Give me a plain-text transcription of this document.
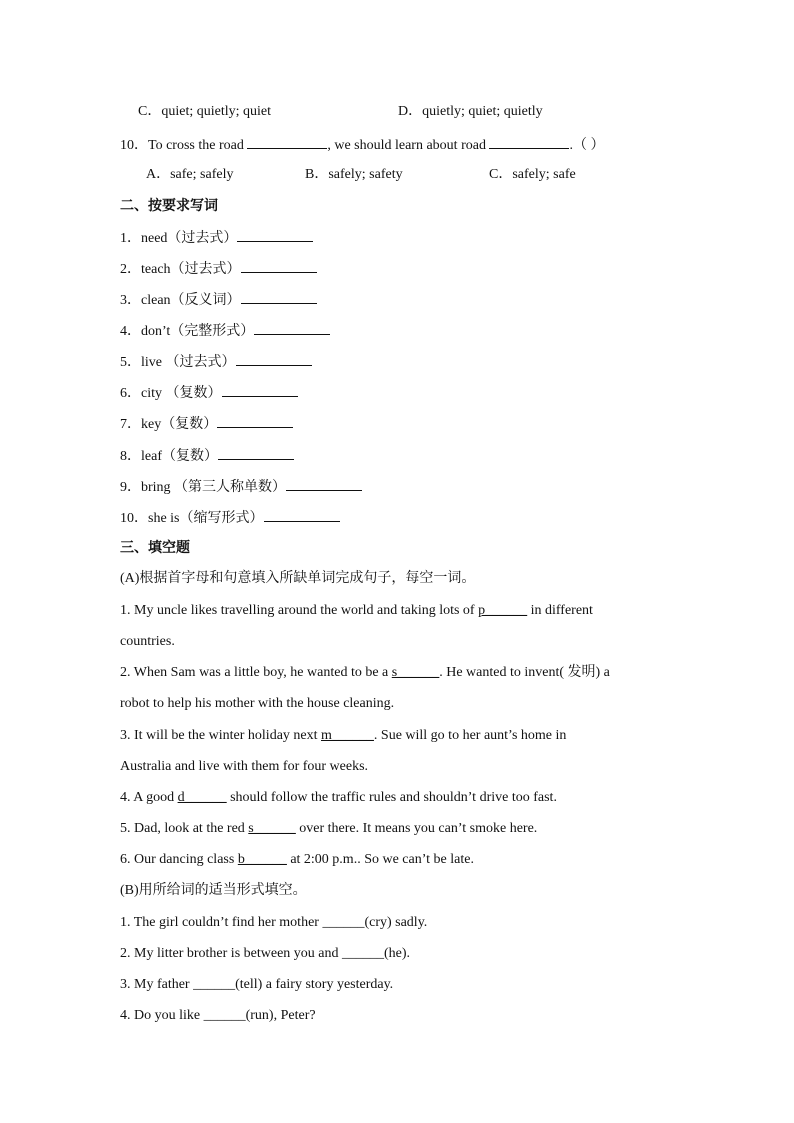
C．quiet; quietly; quiet	D．quietly; quiet; quietly
10．To cross the road	, we should learn about road	.（ ）
A．safe; safely	B．safely; safety	C．safely; safe
二、按要求写词
1．need（过去式）
2．teach（过去式）
3．clean（反义词）
4．don’t（完整形式）
5．live （过去式）
6．city （复数）
7．key（复数）
8．leaf（复数）
9．bring （第三人称单数）
10．she is（缩写形式）
三、填空题
(A)根据首字母和句意填入所缺单词完成句子，每空一词。
1. My uncle likes travelling around the world and taking lots of p______ in different
countries.
2. When Sam was a little boy, he wanted to be a s______. He wanted to invent( 发明) a
robot to help his mother with the house cleaning.
3. It will be the winter holiday next m______. Sue will go to her aunt’s home in
Australia and live with them for four weeks.
4. A good d______ should follow the traffic rules and shouldn’t drive too fast.
5. Dad, look at the red s______ over there. It means you can’t smoke here.
6. Our dancing class b______ at 2:00 p.m.. So we can’t be late.
(B)用所给词的适当形式填空。
1. The girl couldn’t find her mother ______(cry) sadly.
2. My litter brother is between you and ______(he).
3. My father ______(tell) a fairy story yesterday.
4. Do you like ______(run), Peter?
